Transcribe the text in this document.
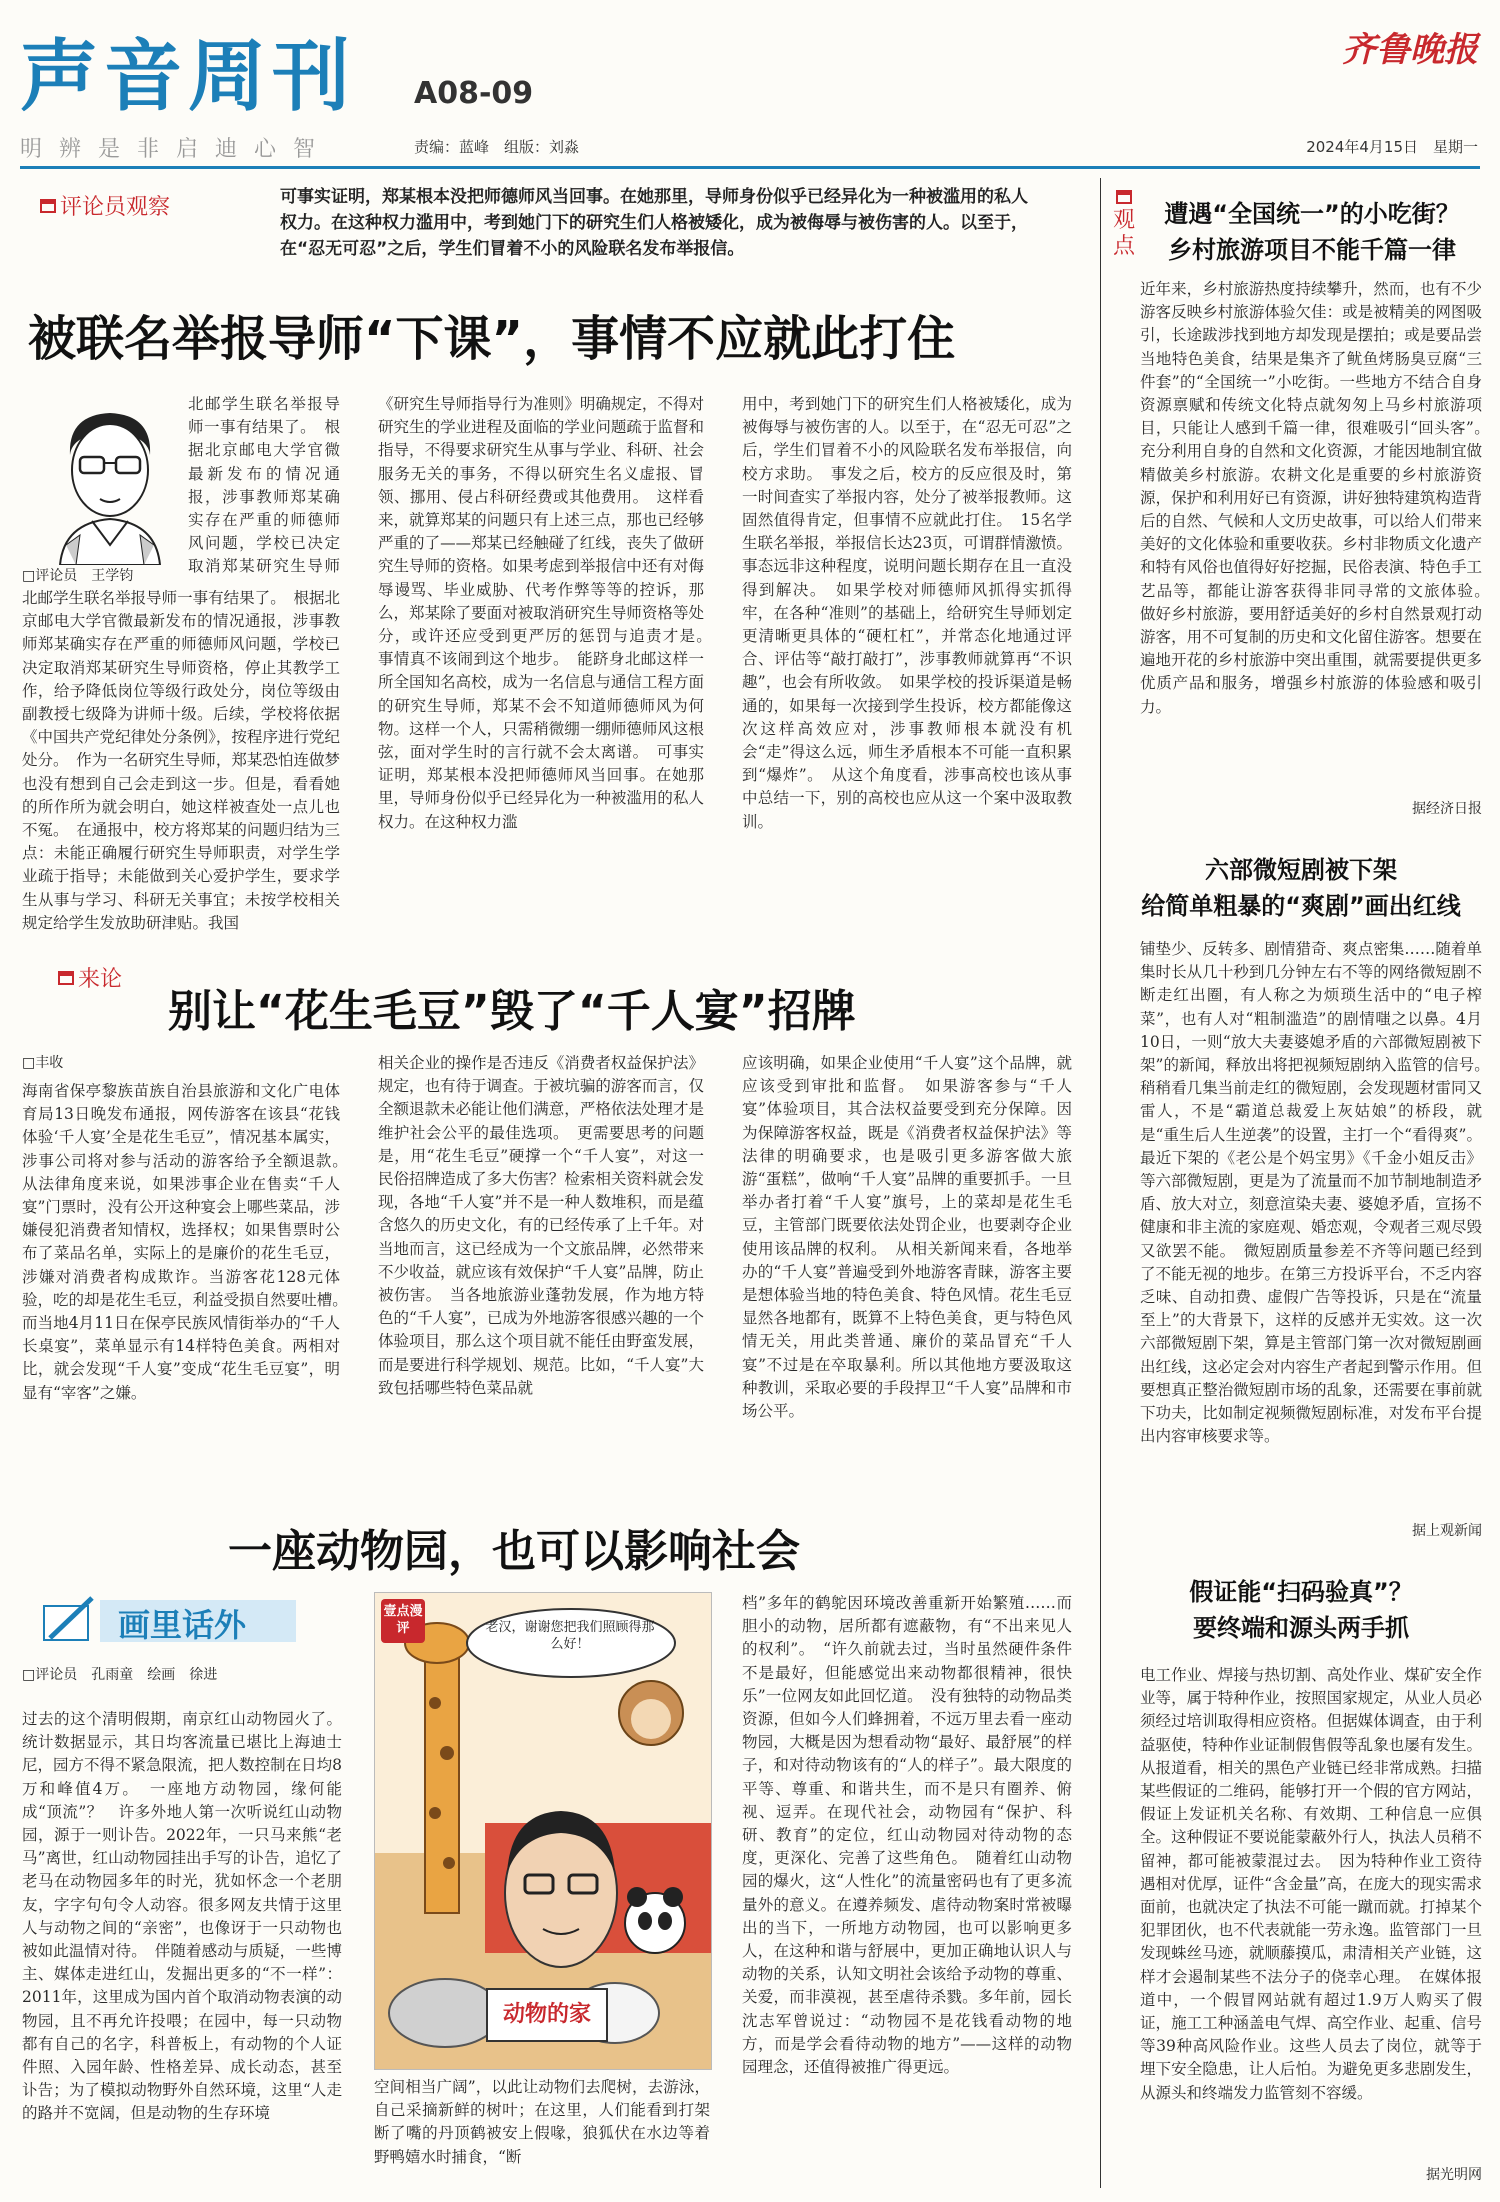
声音周刊 A08-09
明辨是非启迪心智	责编：蓝峰　组版：刘淼
齐鲁晚报
2024年4月15日　星期一
评论员观察	可事实证明，郑某根本没把师德师风当回事。在她那里，导师身份似乎已经异化为一种被滥用的私人权力。在这种权力滥用中，考到她门下的研究生们人格被矮化，成为被侮辱与被伤害的人。以至于，在“忍无可忍”之后，学生们冒着不小的风险联名发布举报信。
被联名举报导师“下课”，事情不应就此打住
□评论员　王学钧
北邮学生联名举报导师一事有结果了。　根据北京邮电大学官微最新发布的情况通报，涉事教师郑某确实存在严重的师德师风问题，学校已决定取消郑某研究生导师　　
北邮学生联名举报导师一事有结果了。　根据北京邮电大学官微最新发布的情况通报，涉事教师郑某确实存在严重的师德师风问题，学校已决定取消郑某研究生导师资格，停止其教学工作，给予降低岗位等级行政处分，岗位等级由副教授七级降为讲师十级。后续，学校将依据《中国共产党纪律处分条例》，按程序进行党纪处分。　作为一名研究生导师，郑某恐怕连做梦也没有想到自己会走到这一步。但是，看看她的所作所为就会明白，她这样被查处一点儿也不冤。　在通报中，校方将郑某的问题归结为三点：未能正确履行研究生导师职责，对学生学业疏于指导；未能做到关心爱护学生，要求学生从事与学习、科研无关事宜；未按学校相关规定给学生发放助研津贴。我国
《研究生导师指导行为准则》明确规定，不得对研究生的学业进程及面临的学业问题疏于监督和指导，不得要求研究生从事与学业、科研、社会服务无关的事务，不得以研究生名义虚报、冒领、挪用、侵占科研经费或其他费用。　这样看来，就算郑某的问题只有上述三点，那也已经够严重的了——郑某已经触碰了红线，丧失了做研究生导师的资格。如果考虑到举报信中还有对侮辱谩骂、毕业威胁、代考作弊等等的控诉，那么，郑某除了要面对被取消研究生导师资格等处分，或许还应受到更严厉的惩罚与追责才是。　事情真不该闹到这个地步。　能跻身北邮这样一所全国知名高校，成为一名信息与通信工程方面的研究生导师，郑某不会不知道师德师风为何物。这样一个人，只需稍微绷一绷师德师风这根弦，面对学生时的言行就不会太离谱。　可事实证明，郑某根本没把师德师风当回事。在她那里，导师身份似乎已经异化为一种被滥用的私人权力。在这种权力滥
用中，考到她门下的研究生们人格被矮化，成为被侮辱与被伤害的人。以至于，在“忍无可忍”之后，学生们冒着不小的风险联名发布举报信，向校方求助。　事发之后，校方的反应很及时，第一时间查实了举报内容，处分了被举报教师。这固然值得肯定，但事情不应就此打住。　15名学生联名举报，举报信长达23页，可谓群情激愤。事态远非这种程度，说明问题长期存在且一直没得到解决。　如果学校对师德师风抓得实抓得牢，在各种“准则”的基础上，给研究生导师划定更清晰更具体的“硬杠杠”，并常态化地通过评合、评估等“敲打敲打”，涉事教师就算再“不识趣”，也会有所收敛。　如果学校的投诉渠道是畅通的，如果每一次接到学生投诉，校方都能像这次这样高效应对，涉事教师根本就没有机会“走”得这么远，师生矛盾根本不可能一直积累到“爆炸”。　从这个角度看，涉事高校也该从事中总结一下，别的高校也应从这一个案中汲取教训。
来论
别让“花生毛豆”毁了“千人宴”招牌
□丰收
海南省保亭黎族苗族自治县旅游和文化广电体育局13日晚发布通报，网传游客在该县“花钱体验‘千人宴’全是花生毛豆”，情况基本属实，涉事公司将对参与活动的游客给予全额退款。　从法律角度来说，如果涉事企业在售卖“千人宴”门票时，没有公开这种宴会上哪些菜品，涉嫌侵犯消费者知情权，选择权；如果售票时公布了菜品名单，实际上的是廉价的花生毛豆，涉嫌对消费者构成欺诈。当游客花128元体验，吃的却是花生毛豆，利益受损自然要吐槽。　而当地4月11日在保亭民族风情街举办的“千人长桌宴”，菜单显示有14样特色美食。两相对比，就会发现“千人宴”变成“花生毛豆宴”，明显有“宰客”之嫌。
相关企业的操作是否违反《消费者权益保护法》规定，也有待于调查。于被坑骗的游客而言，仅全额退款未必能让他们满意，严格依法处理才是维护社会公平的最佳选项。　更需要思考的问题是，用“花生毛豆”硬撑一个“千人宴”，对这一民俗招牌造成了多大伤害？检索相关资料就会发现，各地“千人宴”并不是一种人数堆积，而是蕴含悠久的历史文化，有的已经传承了上千年。对当地而言，这已经成为一个文旅品牌，必然带来不少收益，就应该有效保护“千人宴”品牌，防止被伤害。　当各地旅游业蓬勃发展，作为地方特色的“千人宴”，已成为外地游客很感兴趣的一个体验项目，那么这个项目就不能任由野蛮发展，而是要进行科学规划、规范。比如，“千人宴”大致包括哪些特色菜品就
应该明确，如果企业使用“千人宴”这个品牌，就应该受到审批和监督。　如果游客参与“千人宴”体验项目，其合法权益要受到充分保障。因为保障游客权益，既是《消费者权益保护法》等法律的明确要求，也是吸引更多游客做大旅游“蛋糕”，做响“千人宴”品牌的重要抓手。一旦举办者打着“千人宴”旗号，上的菜却是花生毛豆，主管部门既要依法处罚企业，也要剥夺企业使用该品牌的权利。　从相关新闻来看，各地举办的“千人宴”普遍受到外地游客青睐，游客主要是想体验当地的特色美食、特色风情。花生毛豆显然各地都有，既算不上特色美食，更与特色风情无关，用此类普通、廉价的菜品冒充“千人宴”不过是在卒取暴利。所以其他地方要汲取这种教训，采取必要的手段捍卫“千人宴”品牌和市场公平。
一座动物园，也可以影响社会
画里话外
□评论员　孔雨童　绘画　徐进
过去的这个清明假期，南京红山动物园火了。统计数据显示，其日均客流量已堪比上海迪士尼，园方不得不紧急限流，把人数控制在日均8万和峰值4万。　一座地方动物园，缘何能成“顶流”？　许多外地人第一次听说红山动物园，源于一则讣告。2022年，一只马来熊“老马”离世，红山动物园挂出手写的讣告，追忆了老马在动物园多年的时光，犹如怀念一个老朋友，字字句句令人动容。很多网友共情于这里人与动物之间的“亲密”，也像讶于一只动物也被如此温情对待。　伴随着感动与质疑，一些博主、媒体走进红山，发掘出更多的“不一样”：2011年，这里成为国内首个取消动物表演的动物园，且不再允许投喂；在园中，每一只动物都有自己的名字，科普板上，有动物的个人证件照、入园年龄、性格差异、成长动态，甚至讣告；为了模拟动物野外自然环境，这里“人走的路并不宽阔，但是动物的生存环境
老汉，谢谢您把我们照顾得那么好！
动物的家
壹点漫评
空间相当广阔”，以此让动物们去爬树，去游泳，自己采摘新鲜的树叶；在这里，人们能看到打架断了嘴的丹顶鹤被安上假喙，狼狐伏在水边等着野鸭嬉水时捕食，“断
档”多年的鹤鸵因环境改善重新开始繁殖……而胆小的动物，居所都有遮蔽物，有“不出来见人的权利”。　“许久前就去过，当时虽然硬件条件不是最好，但能感觉出来动物都很精神，很快乐”一位网友如此回忆道。　没有独特的动物品类资源，但如今人们蜂拥着，不远万里去看一座动物园，大概是因为想看动物“最好、最舒展”的样子，和对待动物该有的“人的样子”。最大限度的平等、尊重、和谐共生，而不是只有圈养、俯视、逗弄。在现代社会，动物园有“保护、科研、教育”的定位，红山动物园对待动物的态度，更深化、完善了这些角色。　随着红山动物园的爆火，这“人性化”的流量密码也有了更多流量外的意义。在遵养频发、虐待动物案时常被曝出的当下，一所地方动物园，也可以影响更多人，在这种和谐与舒展中，更加正确地认识人与动物的关系，认知文明社会该给予动物的尊重、关爱，而非漠视，甚至虐待杀戮。多年前，园长沈志军曾说过：“动物园不是花钱看动物的地方，而是学会看待动物的地方”——这样的动物园理念，还值得被推广得更远。
观点
遭遇“全国统一”的小吃街？
乡村旅游项目不能千篇一律
近年来，乡村旅游热度持续攀升，然而，也有不少游客反映乡村旅游体验欠佳：或是被精美的网图吸引，长途跋涉找到地方却发现是摆拍；或是要品尝当地特色美食，结果是集齐了鱿鱼烤肠臭豆腐“三件套”的“全国统一”小吃街。一些地方不结合自身资源禀赋和传统文化特点就匆匆上马乡村旅游项目，只能让人感到千篇一律，很难吸引“回头客”。　充分利用自身的自然和文化资源，才能因地制宜做精做美乡村旅游。农耕文化是重要的乡村旅游资源，保护和利用好已有资源，讲好独特建筑构造背后的自然、气候和人文历史故事，可以给人们带来美好的文化体验和重要收获。乡村非物质文化遗产和特有风俗也值得好好挖掘，民俗表演、特色手工艺品等，都能让游客获得非同寻常的文旅体验。　做好乡村旅游，要用舒适美好的乡村自然景观打动游客，用不可复制的历史和文化留住游客。想要在遍地开花的乡村旅游中突出重围，就需要提供更多优质产品和服务，增强乡村旅游的体验感和吸引力。
据经济日报
六部微短剧被下架
给简单粗暴的“爽剧”画出红线
铺垫少、反转多、剧情猎奇、爽点密集……随着单集时长从几十秒到几分钟左右不等的网络微短剧不断走红出圈，有人称之为烦琐生活中的“电子榨菜”，也有人对“粗制滥造”的剧情嗤之以鼻。4月10日，一则“放大夫妻婆媳矛盾的六部微短剧被下架”的新闻，释放出将把视频短剧纳入监管的信号。　稍稍看几集当前走红的微短剧，会发现题材雷同又雷人，不是“霸道总裁爱上灰姑娘”的桥段，就是“重生后人生逆袭”的设置，主打一个“看得爽”。最近下架的《老公是个妈宝男》《千金小姐反击》等六部微短剧，更是为了流量而不加节制地制造矛盾、放大对立，刻意渲染夫妻、婆媳矛盾，宣扬不健康和非主流的家庭观、婚恋观，令观者三观尽毁又欲罢不能。　微短剧质量参差不齐等问题已经到了不能无视的地步。在第三方投诉平台，不乏内容乏味、自动扣费、虚假广告等投诉，只是在“流量至上”的大背景下，这样的反感并无实效。这一次六部微短剧下架，算是主管部门第一次对微短剧画出红线，这必定会对内容生产者起到警示作用。但要想真正整治微短剧市场的乱象，还需要在事前就下功夫，比如制定视频微短剧标准，对发布平台提出内容审核要求等。
据上观新闻
假证能“扫码验真”？
要终端和源头两手抓
电工作业、焊接与热切割、高处作业、煤矿安全作业等，属于特种作业，按照国家规定，从业人员必须经过培训取得相应资格。但据媒体调查，由于利益驱使，特种作业证制假售假等乱象也屡有发生。从报道看，相关的黑色产业链已经非常成熟。扫描某些假证的二维码，能够打开一个假的官方网站，假证上发证机关名称、有效期、工种信息一应俱全。这种假证不要说能蒙蔽外行人，执法人员稍不留神，都可能被蒙混过去。　因为特种作业工资待遇相对优厚，证件“含金量”高，在庞大的现实需求面前，也就决定了执法不可能一蹴而就。打掉某个犯罪团伙，也不代表就能一劳永逸。监管部门一旦发现蛛丝马迹，就顺藤摸瓜，肃清相关产业链，这样才会遏制某些不法分子的侥幸心理。　在媒体报道中，一个假冒网站就有超过1.9万人购买了假证，施工工种涵盖电气焊、高空作业、起重、信号等39种高风险作业。这些人员去了岗位，就等于埋下安全隐患，让人后怕。为避免更多悲剧发生，从源头和终端发力监管刻不容缓。
据光明网
